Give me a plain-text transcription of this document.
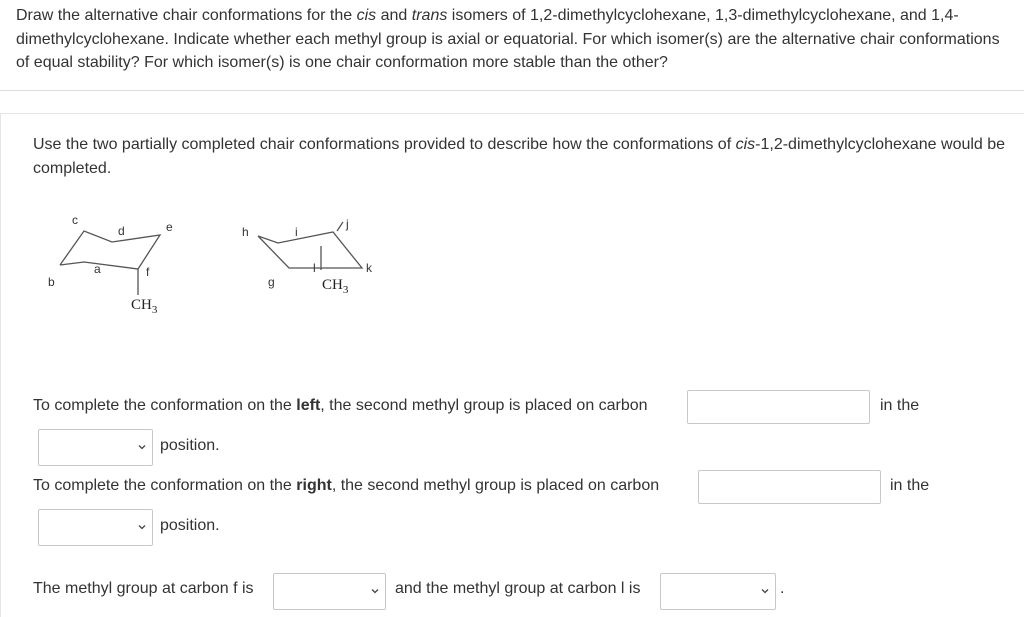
Draw the alternative chair conformations for the cis and trans isomers of 1,2-dimethylcyclohexane, 1,3-dimethylcyclohexane, and 1,4-dimethylcyclohexane. Indicate whether each methyl group is axial or equatorial. For which isomer(s) are the alternative chair conformations of equal stability? For which isomer(s) is one chair conformation more stable than the other?
Use the two partially completed chair conformations provided to describe how the conformations of cis-1,2-dimethylcyclohexane would be completed.
c
d	e
a	f
b
$CH_3$
h	i
j
l	k
g	$CH_3$
To complete the conformation on the left, the second methyl group is placed on carbon	in the
position.
To complete the conformation on the right, the second methyl group is placed on carbon	in the
position.
The methyl group at carbon f is	and the methyl group at carbon l is	.
